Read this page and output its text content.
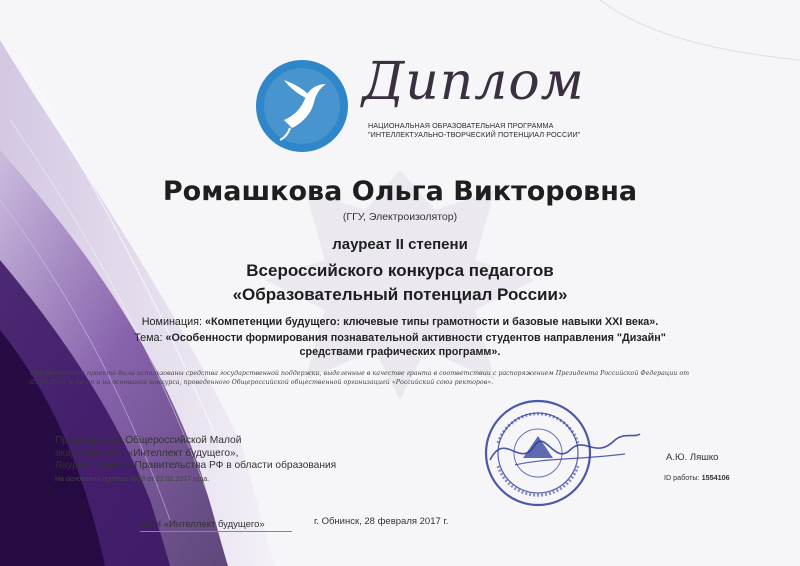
Диплом
НАЦИОНАЛЬНАЯ ОБРАЗОВАТЕЛЬНАЯ ПРОГРАММА
"ИНТЕЛЛЕКТУАЛЬНО-ТВОРЧЕСКИЙ ПОТЕНЦИАЛ РОССИИ"
Ромашкова Ольга Викторовна
(ГГУ, Электроизолятор)
лауреат II степени
Всероссийского конкурса педагогов
«Образовательный потенциал России»
Номинация: «Компетенции будущего: ключевые типы грамотности и базовые навыки XXI века».
Тема: «Особенности формирования познавательной активности студентов направления "Дизайн"
средствами графических программ».
При реализации проекта были использованы средства государственной поддержки, выделенные в качестве гранта в соответствии с распоряжением Президента Российской Федерации от
05.04.2016 № 68-рп и на основании конкурса, проведенного Общероссийской общественной организацией «Российский союз ректоров».
Председатель Общероссийской Малой
академии наук «Интеллект будущего»,
Лауреат премии Правительства РФ в области образования
На основании приказа №53 от 22.02.2017 года.
А.Ю. Ляшко
ID работы: 1554106
МАН «Интеллект будущего»	г. Обнинск, 28 февраля 2017 г.
